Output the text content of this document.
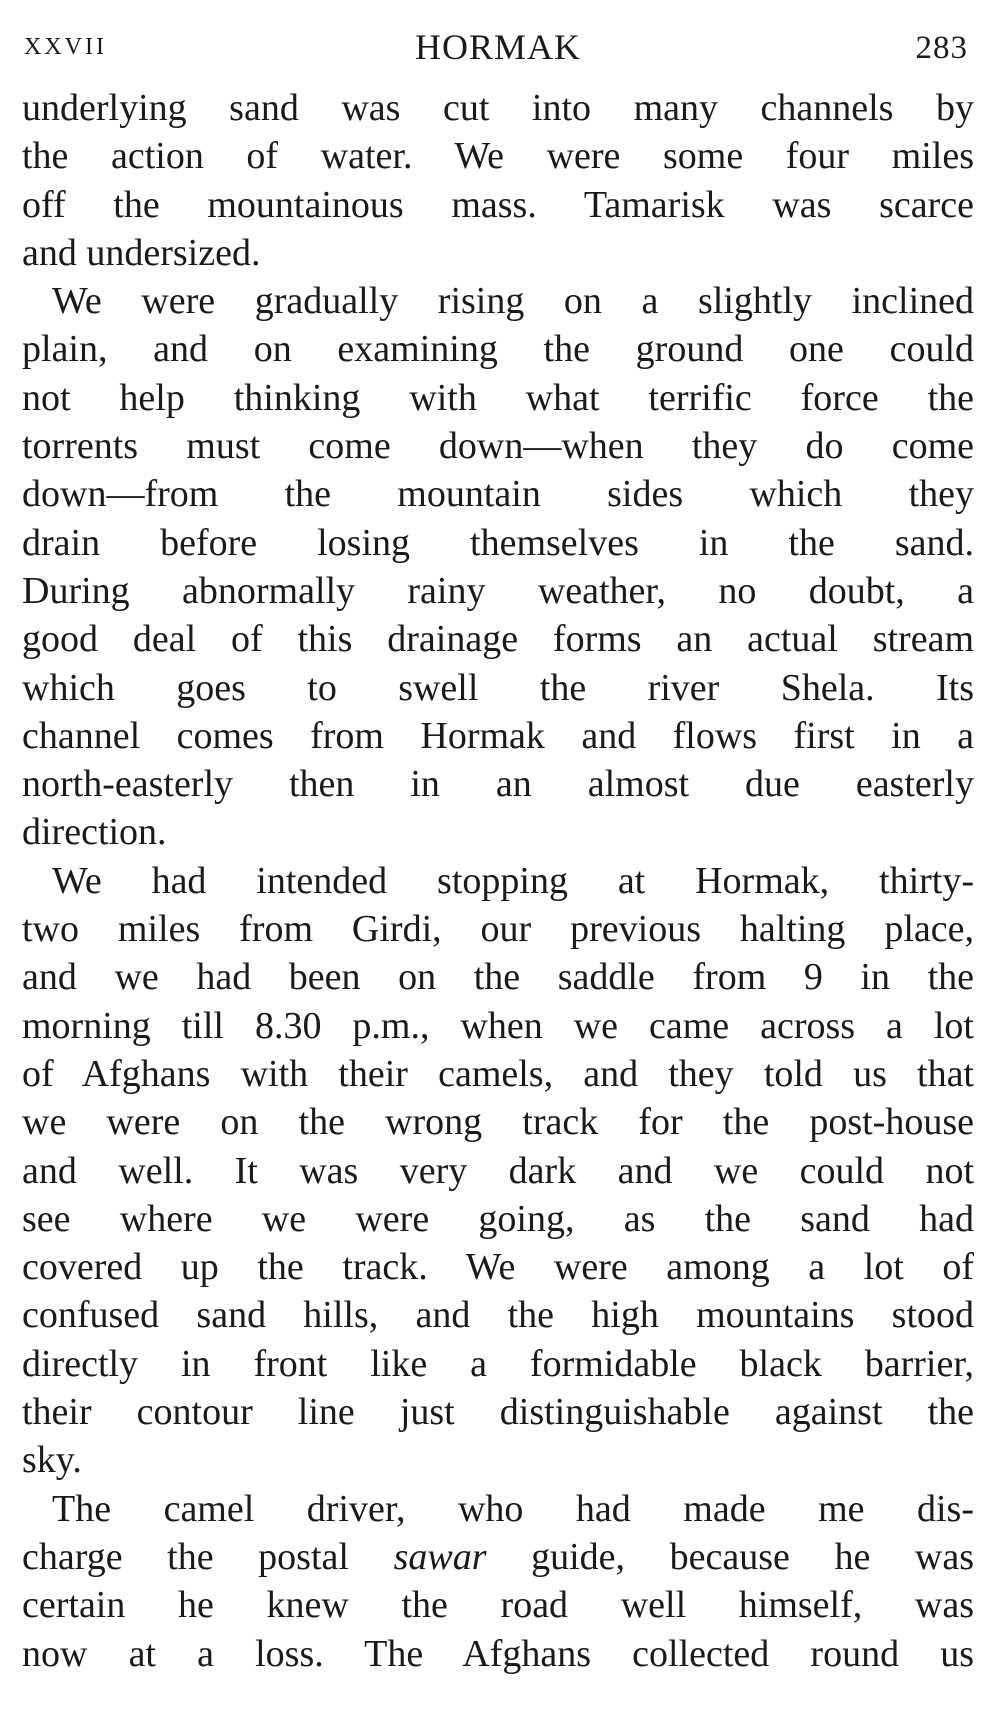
XXVII	HORMAK	283

underlying sand was cut into many channels by
the action of water. We were some four miles
off the mountainous mass. Tamarisk was scarce
and undersized.

We were gradually rising on a slightly inclined
plain, and on examining the ground one could
not help thinking with what terrific force the
torrents must come down—when they do come
down—from the mountain sides which they
drain before losing themselves in the sand.
During abnormally rainy weather, no doubt, a
good deal of this drainage forms an actual stream
which goes to swell the river Shela. Its
channel comes from Hormak and flows first in a
north-easterly then in an almost due easterly
direction.

We had intended stopping at Hormak, thirty-
two miles from Girdi, our previous halting place,
and we had been on the saddle from 9 in the
morning till 8.30 p.m., when we came across a lot
of Afghans with their camels, and they told us that
we were on the wrong track for the post-house
and well. It was very dark and we could not
see where we were going, as the sand had
covered up the track. We were among a lot of
confused sand hills, and the high mountains stood
directly in front like a formidable black barrier,
their contour line just distinguishable against the
sky.

The camel driver, who had made me dis-
charge the postal sawar guide, because he was
certain he knew the road well himself, was
now at a loss. The Afghans collected round us
